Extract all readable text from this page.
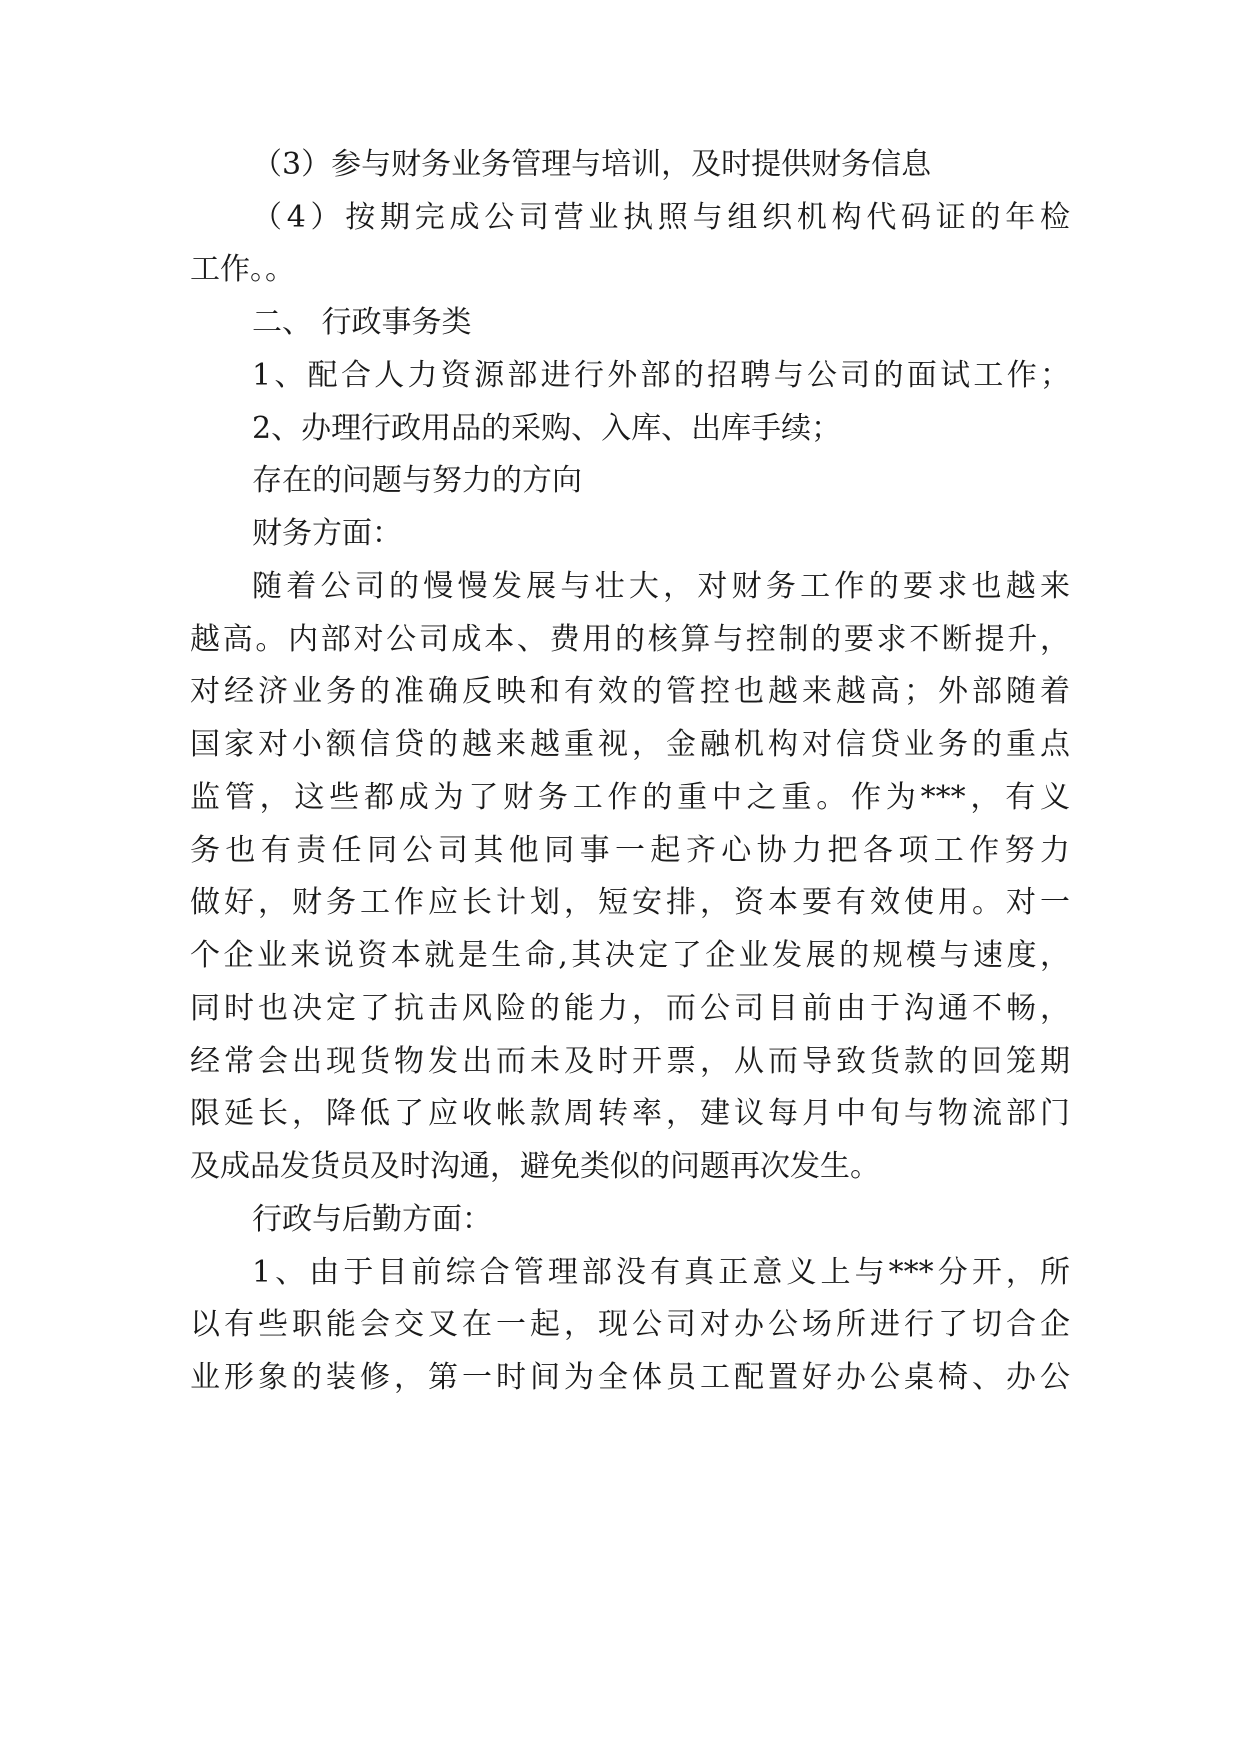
（3）参与财务业务管理与培训，及时提供财务信息
（4）按期完成公司营业执照与组织机构代码证的年检
工作。。
二、 行政事务类
1、配合人力资源部进行外部的招聘与公司的面试工作；
2、办理行政用品的采购、入库、出库手续；
存在的问题与努力的方向
财务方面：
随着公司的慢慢发展与壮大，对财务工作的要求也越来
越高。内部对公司成本、费用的核算与控制的要求不断提升，
对经济业务的准确反映和有效的管控也越来越高；外部随着
国家对小额信贷的越来越重视，金融机构对信贷业务的重点
监管，这些都成为了财务工作的重中之重。作为***，有义
务也有责任同公司其他同事一起齐心协力把各项工作努力
做好，财务工作应长计划，短安排，资本要有效使用。对一
个企业来说资本就是生命,其决定了企业发展的规模与速度，
同时也决定了抗击风险的能力，而公司目前由于沟通不畅，
经常会出现货物发出而未及时开票，从而导致货款的回笼期
限延长，降低了应收帐款周转率，建议每月中旬与物流部门
及成品发货员及时沟通，避免类似的问题再次发生。
行政与后勤方面：
1、由于目前综合管理部没有真正意义上与***分开，所
以有些职能会交叉在一起，现公司对办公场所进行了切合企
业形象的装修，第一时间为全体员工配置好办公桌椅、办公
